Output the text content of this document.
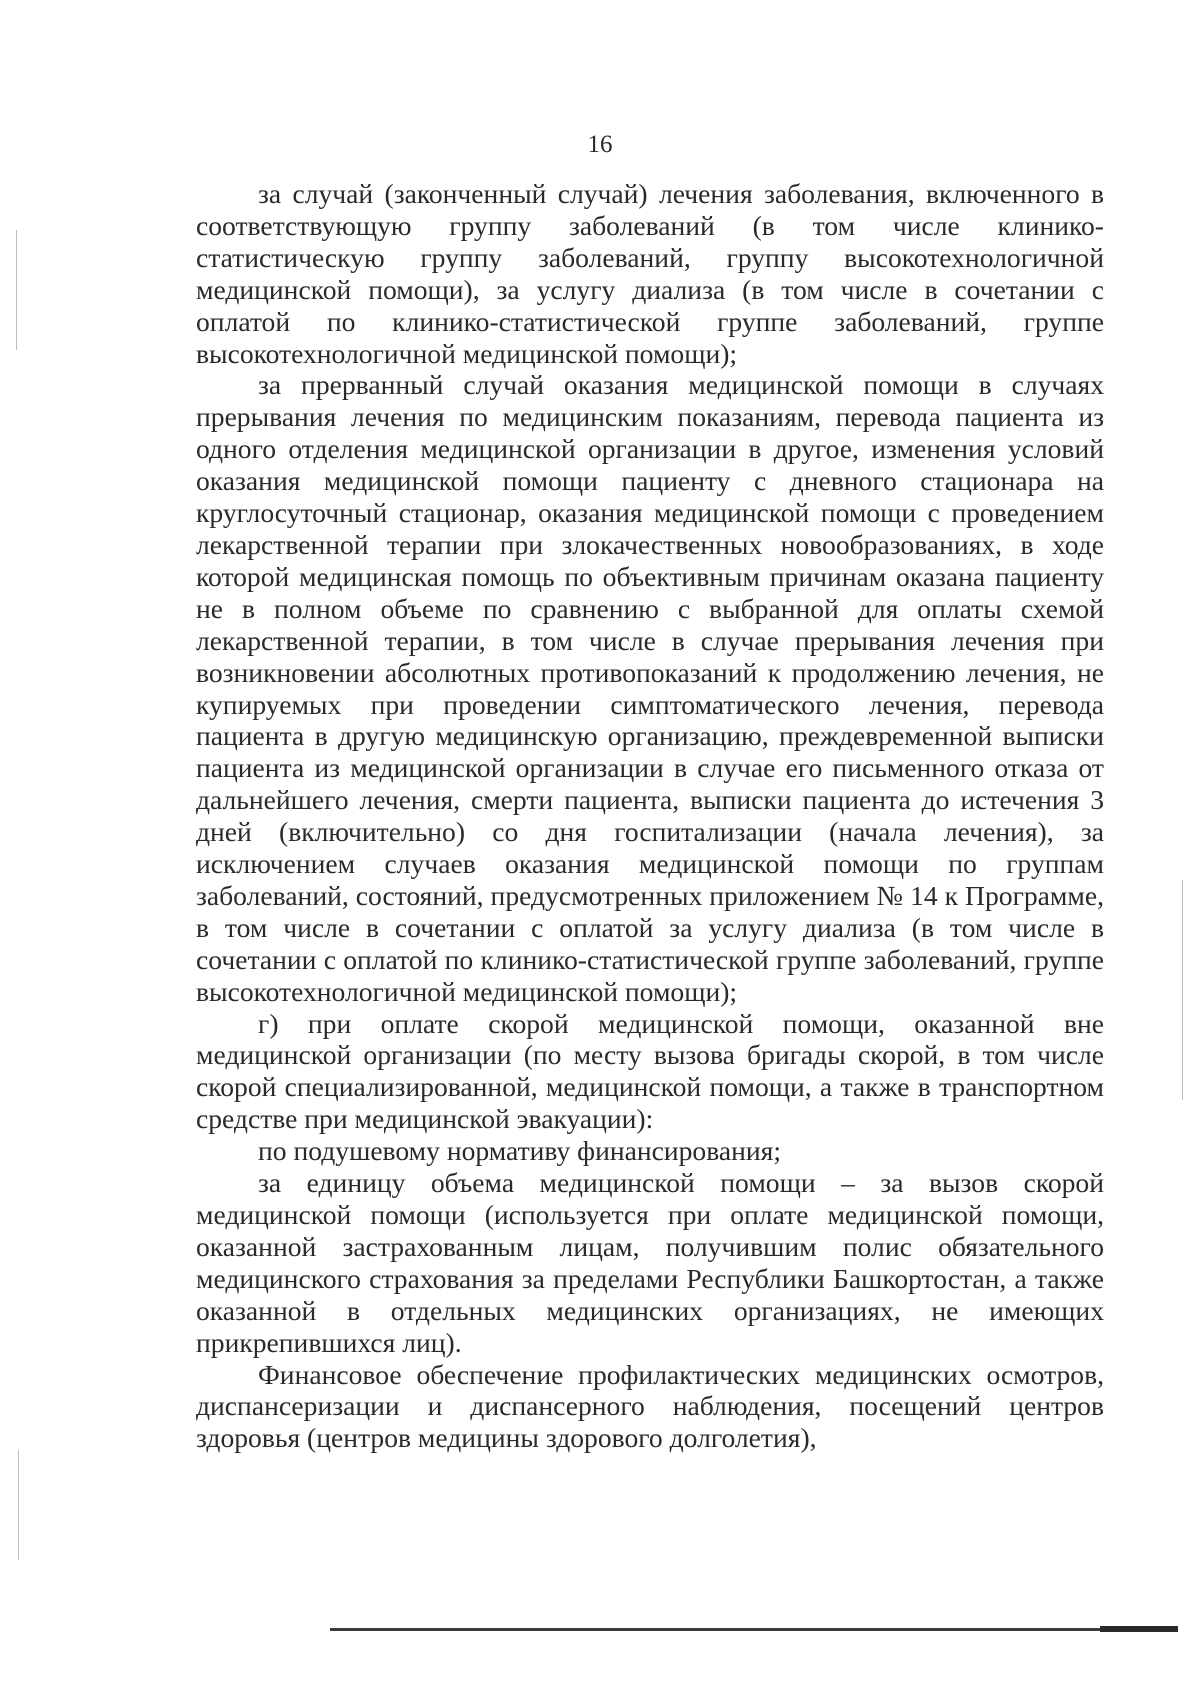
16

за случай (законченный случай) лечения заболевания, включенного в соответствующую группу заболеваний (в том числе клинико-статистическую группу заболеваний, группу высокотехнологичной медицинской помощи), за услугу диализа (в том числе в сочетании с оплатой по клинико-статистической группе заболеваний, группе высокотехнологичной медицинской помощи);

за прерванный случай оказания медицинской помощи в случаях прерывания лечения по медицинским показаниям, перевода пациента из одного отделения медицинской организации в другое, изменения условий оказания медицинской помощи пациенту с дневного стационара на круглосуточный стационар, оказания медицинской помощи с проведением лекарственной терапии при злокачественных новообразованиях, в ходе которой медицинская помощь по объективным причинам оказана пациенту не в полном объеме по сравнению с выбранной для оплаты схемой лекарственной терапии, в том числе в случае прерывания лечения при возникновении абсолютных противопоказаний к продолжению лечения, не купируемых при проведении симптоматического лечения, перевода пациента в другую медицинскую организацию, преждевременной выписки пациента из медицинской организации в случае его письменного отказа от дальнейшего лечения, смерти пациента, выписки пациента до истечения 3 дней (включительно) со дня госпитализации (начала лечения), за исключением случаев оказания медицинской помощи по группам заболеваний, состояний, предусмотренных приложением № 14 к Программе, в том числе в сочетании с оплатой за услугу диализа (в том числе в сочетании с оплатой по клинико-статистической группе заболеваний, группе высокотехнологичной медицинской помощи);

г) при оплате скорой медицинской помощи, оказанной вне медицинской организации (по месту вызова бригады скорой, в том числе скорой специализированной, медицинской помощи, а также в транспортном средстве при медицинской эвакуации):

по подушевому нормативу финансирования;

за единицу объема медицинской помощи – за вызов скорой медицинской помощи (используется при оплате медицинской помощи, оказанной застрахованным лицам, получившим полис обязательного медицинского страхования за пределами Республики Башкортостан, а также оказанной в отдельных медицинских организациях, не имеющих прикрепившихся лиц).

Финансовое обеспечение профилактических медицинских осмотров, диспансеризации и диспансерного наблюдения, посещений центров здоровья (центров медицины здорового долголетия),
